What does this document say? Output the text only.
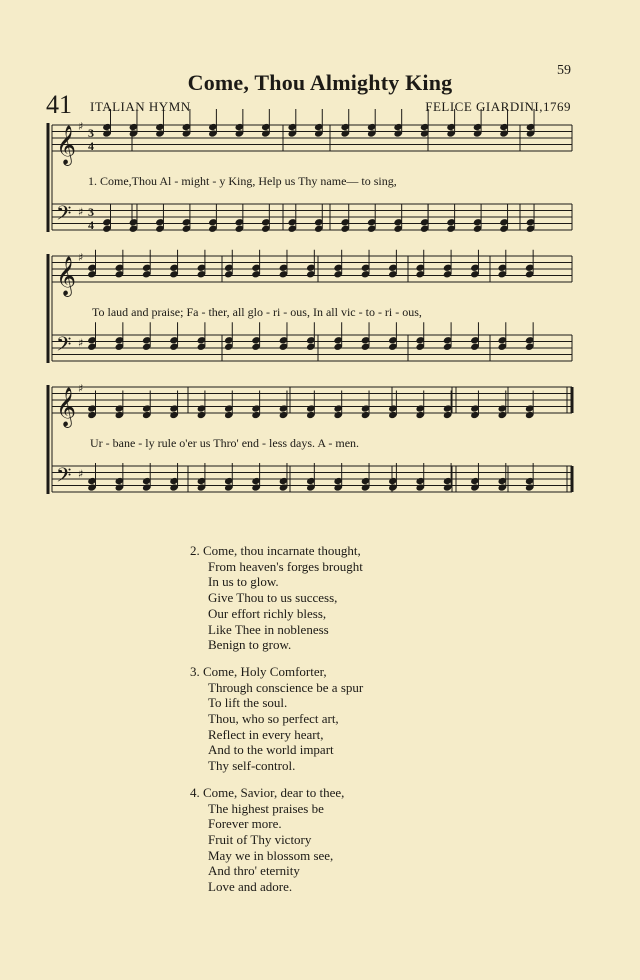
59
Come, Thou Almighty King
41 ITALIAN HYMN	FELICE GIARDINI,1769
𝄞 ♯ 3
4
𝄢 ♯ 3
4
𝄞 ♯
𝄢 ♯
𝄞 ♯
𝄢 ♯
1. Come,Thou Al - might - y King, Help us Thy name— to sing,
To laud and praise; Fa - ther, all glo - ri - ous, In all vic - to - ri - ous,
Ur - bane - ly rule o'er us Thro' end - less days. A - men.
2. Come, thou incarnate thought,
From heaven's forges brought
In us to glow.
Give Thou to us success,
Our effort richly bless,
Like Thee in nobleness
Benign to grow.
3. Come, Holy Comforter,
Through conscience be a spur
To lift the soul.
Thou, who so perfect art,
Reflect in every heart,
And to the world impart
Thy self-control.
4. Come, Savior, dear to thee,
The highest praises be
Forever more.
Fruit of Thy victory
May we in blossom see,
And thro' eternity
Love and adore.
